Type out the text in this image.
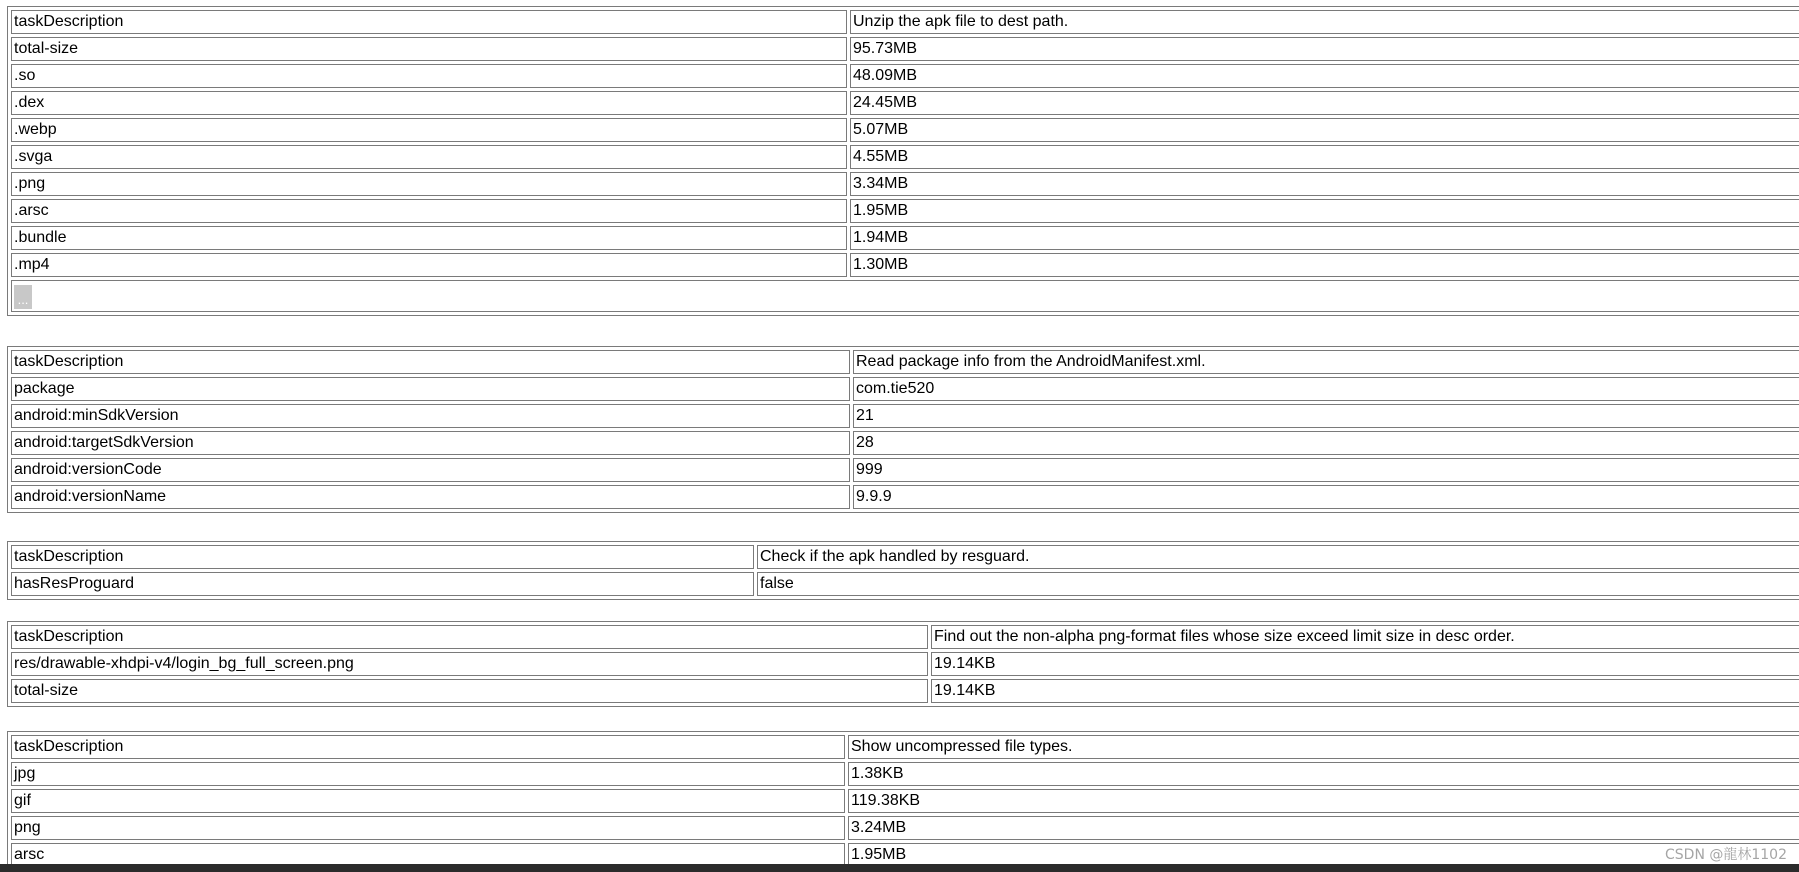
taskDescription	Unzip the apk file to dest path.
total-size	95.73MB
.so	48.09MB
.dex	24.45MB
.webp	5.07MB
.svga	4.55MB
.png	3.34MB
.arsc	1.95MB
.bundle	1.94MB
.mp4	1.30MB
...	
taskDescription	Read package info from the AndroidManifest.xml.
package	com.tie520
android:minSdkVersion	21
android:targetSdkVersion	28
android:versionCode	999
android:versionName	9.9.9
taskDescription	Check if the apk handled by resguard.
hasResProguard	false
taskDescription	Find out the non-alpha png-format files whose size exceed limit size in desc order.
res/drawable-xhdpi-v4/login_bg_full_screen.png	19.14KB
total-size	19.14KB
taskDescription	Show uncompressed file types.
jpg	1.38KB
gif	119.38KB
png	3.24MB
arsc	1.95MB	CSDN @龍林1102
